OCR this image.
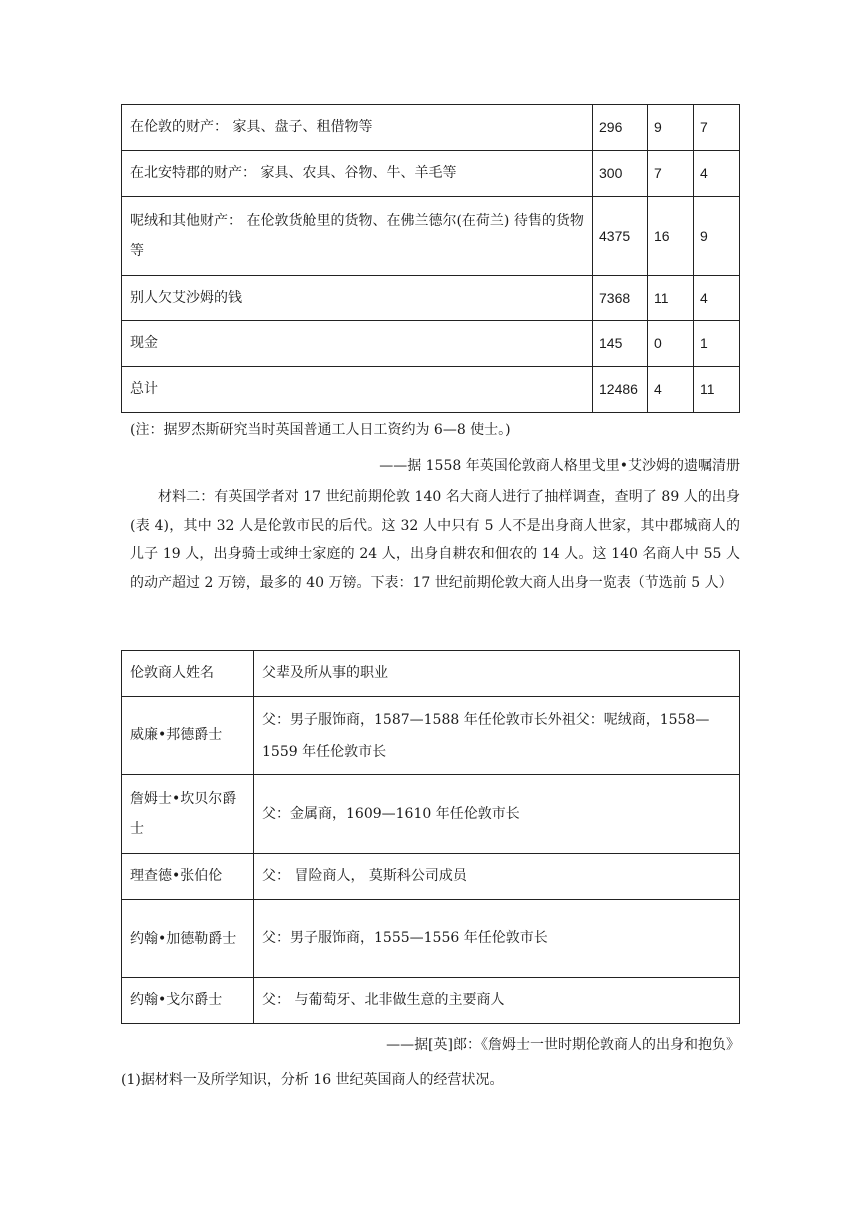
在伦敦的财产： 家具、盘子、租借物等	296	9	7
在北安特郡的财产： 家具、农具、谷物、牛、羊毛等	300	7	4
呢绒和其他财产： 在伦敦货舱里的货物、在佛兰德尔(在荷兰) 待售的货物等	4375	16	9
别人欠艾沙姆的钱	7368	11	4
现金	145	0	1
总计	12486	4	11
(注：据罗杰斯研究当时英国普通工人日工资约为 6—8 使士。)
——据 1558 年英国伦敦商人格里戈里•艾沙姆的遗嘱清册
材料二：有英国学者对 17 世纪前期伦敦 140 名大商人进行了抽样调查，查明了 89 人的出身(表 4)，其中 32 人是伦敦市民的后代。这 32 人中只有 5 人不是出身商人世家，其中郡城商人的儿子 19 人，出身骑士或绅士家庭的 24 人，出身自耕农和佃农的 14 人。这 140 名商人中 55 人的动产超过 2 万镑，最多的 40 万镑。下表：17 世纪前期伦敦大商人出身一览表（节选前 5 人）
伦敦商人姓名	父辈及所从事的职业
威廉•邦德爵士	父：男子服饰商，1587—1588 年任伦敦市长外祖父：呢绒商，1558—1559 年任伦敦市长
詹姆士•坎贝尔爵士	父：金属商，1609—1610 年任伦敦市长
理查德•张伯伦	父： 冒险商人， 莫斯科公司成员
约翰•加德勒爵士	父：男子服饰商，1555—1556 年任伦敦市长
约翰•戈尔爵士	父： 与葡萄牙、北非做生意的主要商人
——据[英]郎：《詹姆士一世时期伦敦商人的出身和抱负》
(1)据材料一及所学知识，分析 16 世纪英国商人的经营状况。
